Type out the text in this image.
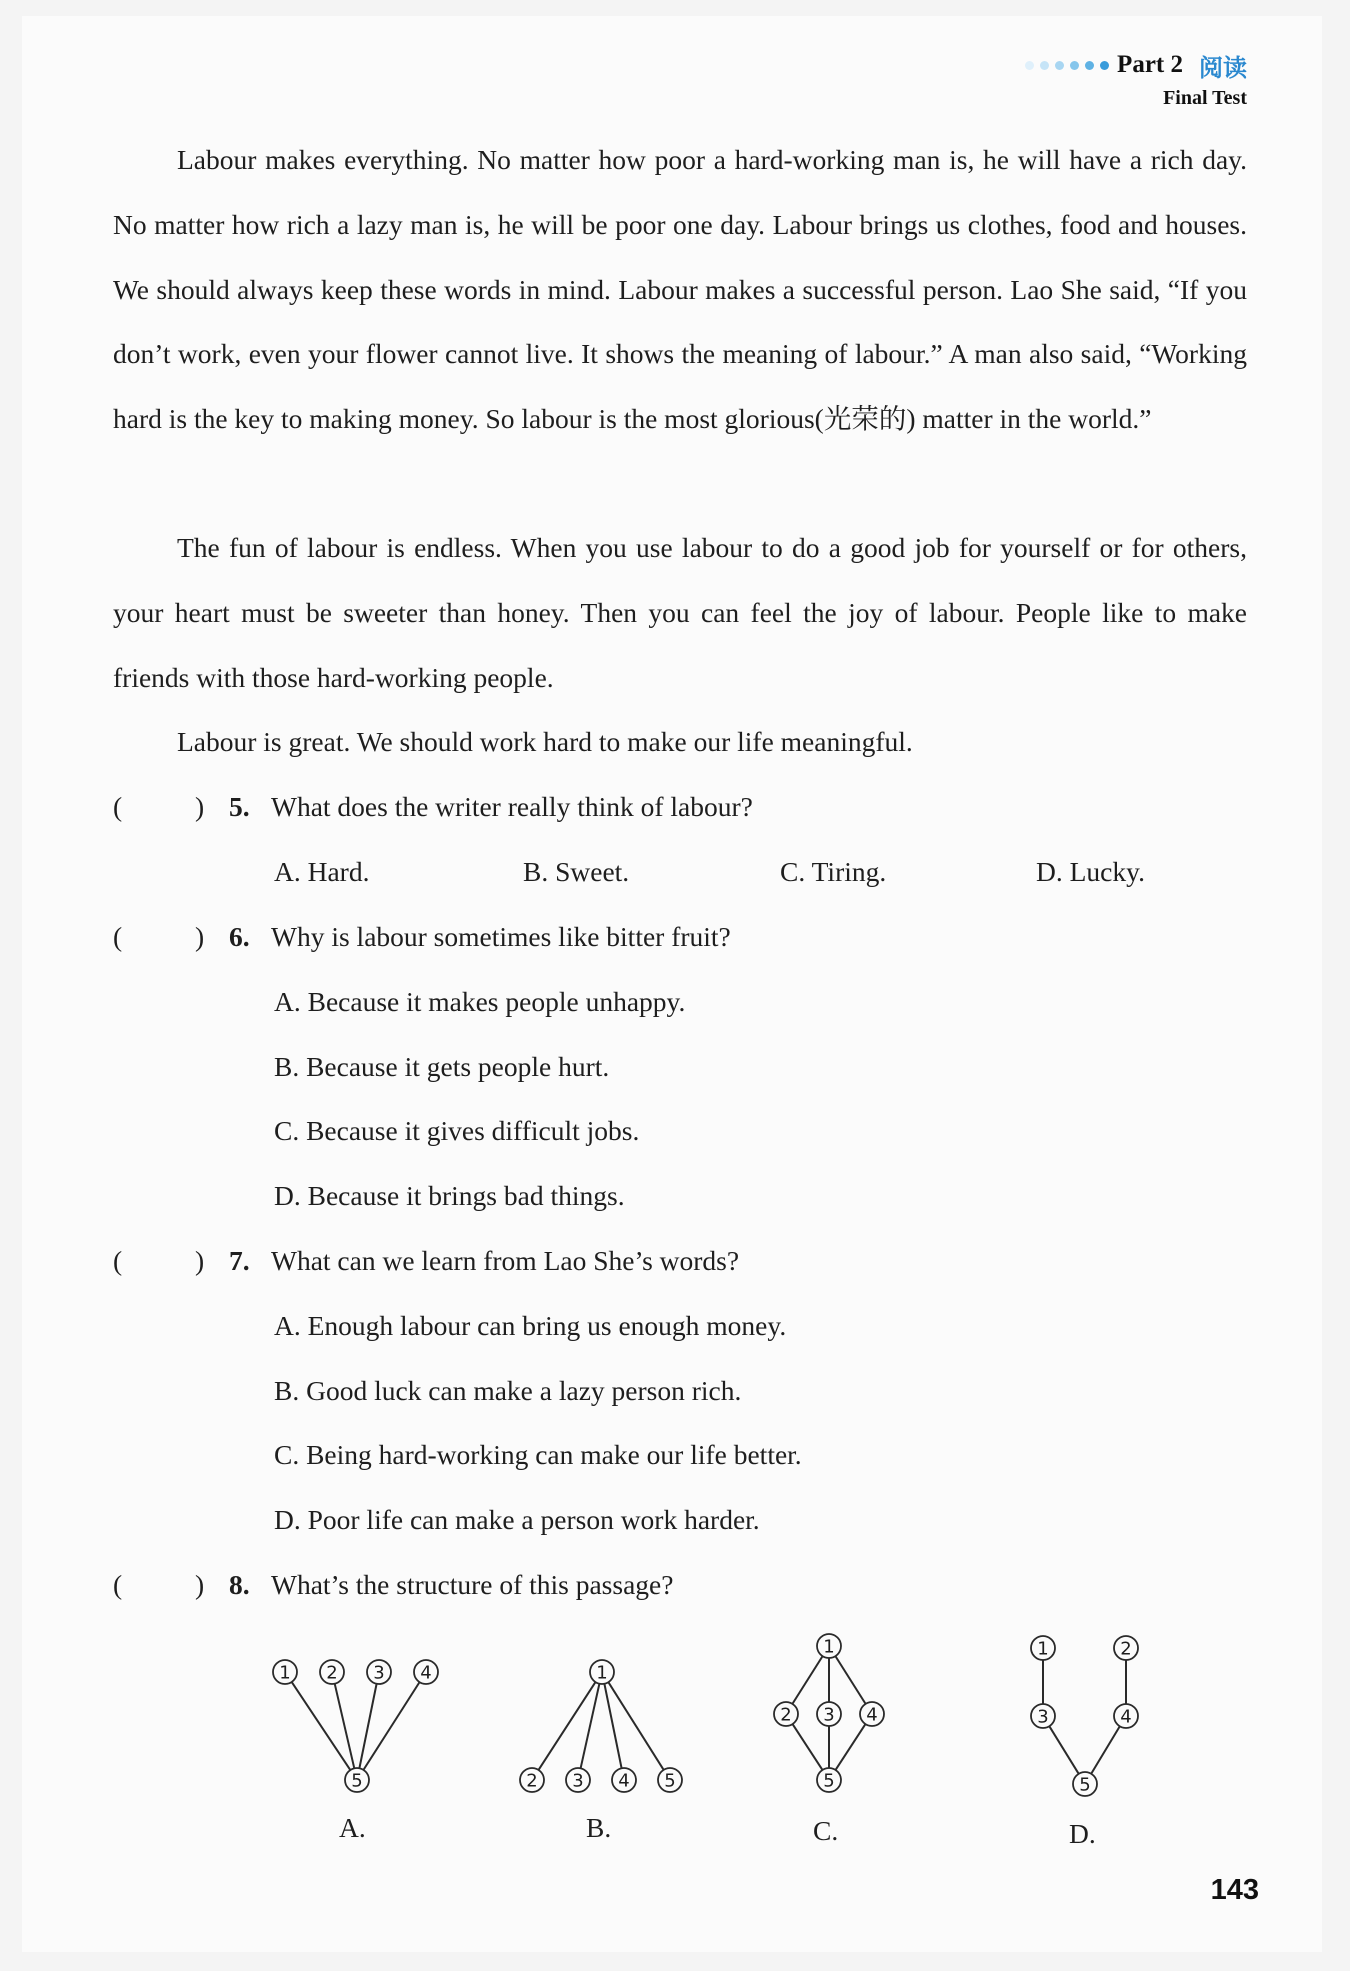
Part 2 阅读
Final Test

Labour makes everything. No matter how poor a hard-working man is, he will have a rich day. No matter how rich a lazy man is, he will be poor one day. Labour brings us clothes, food and houses. We should always keep these words in mind. Labour makes a successful person. Lao She said, “If you don’t work, even your flower cannot live. It shows the meaning of labour.” A man also said, “Working hard is the key to making money. So labour is the most glorious(光荣的) matter in the world.”

The fun of labour is endless. When you use labour to do a good job for yourself or for others, your heart must be sweeter than honey. Then you can feel the joy of labour. People like to make friends with those hard-working people.

Labour is great. We should work hard to make our life meaningful.

(	) 5. What does the writer really think of labour?
A. Hard.	B. Sweet.	C. Tiring.	D. Lucky.
(	) 6. Why is labour sometimes like bitter fruit?
A. Because it makes people unhappy.
B. Because it gets people hurt.
C. Because it gives difficult jobs.
D. Because it brings bad things.
(	) 7. What can we learn from Lao She’s words?
A. Enough labour can bring us enough money.
B. Good luck can make a lazy person rich.
C. Being hard-working can make our life better.
D. Poor life can make a person work harder.
(	) 8. What’s the structure of this passage?
1 2 3 4
5
1
2 3 4 5
1
2 3 4
5
1	2
3	4
5
A.	B.	C.	D.
143
